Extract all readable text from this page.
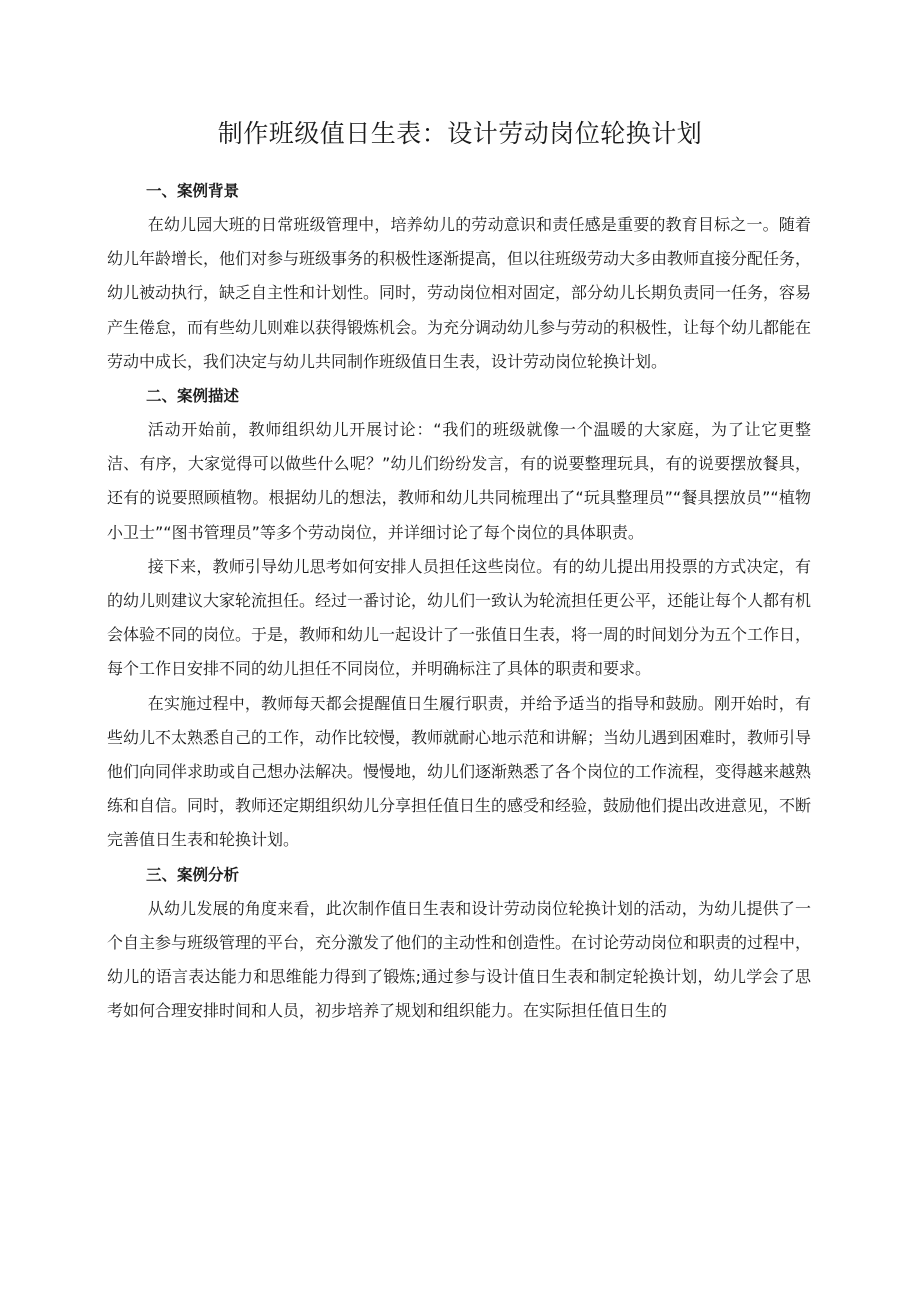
制作班级值日生表：设计劳动岗位轮换计划
一、案例背景

在幼儿园大班的日常班级管理中，培养幼儿的劳动意识和责任感是重要的教育目标之一。随着幼儿年龄增长，他们对参与班级事务的积极性逐渐提高，但以往班级劳动大多由教师直接分配任务，幼儿被动执行，缺乏自主性和计划性。同时，劳动岗位相对固定，部分幼儿长期负责同一任务，容易产生倦怠，而有些幼儿则难以获得锻炼机会。为充分调动幼儿参与劳动的积极性，让每个幼儿都能在劳动中成长，我们决定与幼儿共同制作班级值日生表，设计劳动岗位轮换计划。

二、案例描述

活动开始前，教师组织幼儿开展讨论：“我们的班级就像一个温暖的大家庭，为了让它更整洁、有序，大家觉得可以做些什么呢？”幼儿们纷纷发言，有的说要整理玩具，有的说要摆放餐具，还有的说要照顾植物。根据幼儿的想法，教师和幼儿共同梳理出了“玩具整理员”“餐具摆放员”“植物小卫士”“图书管理员”等多个劳动岗位，并详细讨论了每个岗位的具体职责。

接下来，教师引导幼儿思考如何安排人员担任这些岗位。有的幼儿提出用投票的方式决定，有的幼儿则建议大家轮流担任。经过一番讨论，幼儿们一致认为轮流担任更公平，还能让每个人都有机会体验不同的岗位。于是，教师和幼儿一起设计了一张值日生表，将一周的时间划分为五个工作日，每个工作日安排不同的幼儿担任不同岗位，并明确标注了具体的职责和要求。

在实施过程中，教师每天都会提醒值日生履行职责，并给予适当的指导和鼓励。刚开始时，有些幼儿不太熟悉自己的工作，动作比较慢，教师就耐心地示范和讲解；当幼儿遇到困难时，教师引导他们向同伴求助或自己想办法解决。慢慢地，幼儿们逐渐熟悉了各个岗位的工作流程，变得越来越熟练和自信。同时，教师还定期组织幼儿分享担任值日生的感受和经验，鼓励他们提出改进意见，不断完善值日生表和轮换计划。

三、案例分析

从幼儿发展的角度来看，此次制作值日生表和设计劳动岗位轮换计划的活动，为幼儿提供了一个自主参与班级管理的平台，充分激发了他们的主动性和创造性。在讨论劳动岗位和职责的过程中，幼儿的语言表达能力和思维能力得到了锻炼;通过参与设计值日生表和制定轮换计划，幼儿学会了思考如何合理安排时间和人员，初步培养了规划和组织能力。在实际担任值日生的
